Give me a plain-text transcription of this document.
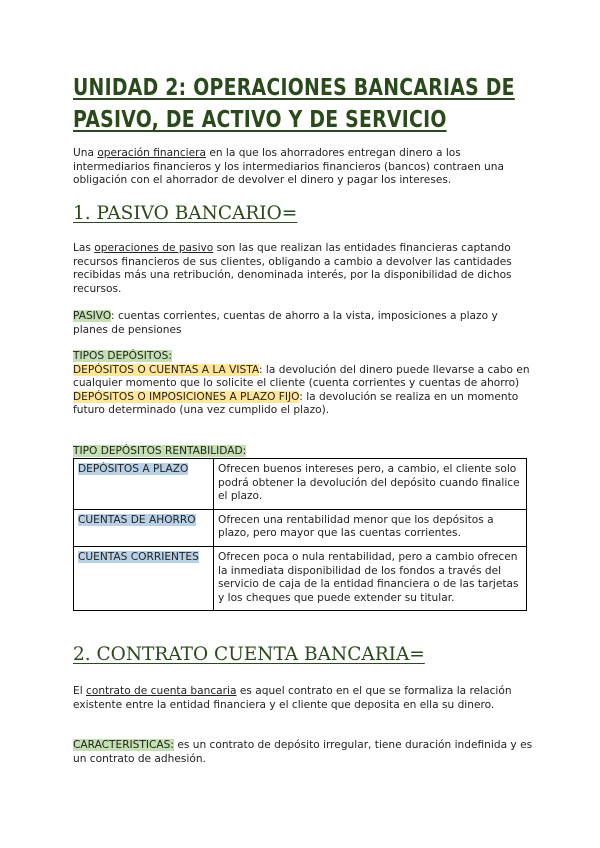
UNIDAD 2: OPERACIONES BANCARIAS DE
PASIVO, DE ACTIVO Y DE SERVICIO

Una operación financiera en la que los ahorradores entregan dinero a los intermediarios financieros y los intermediarios financieros (bancos) contraen una obligación con el ahorrador de devolver el dinero y pagar los intereses.

1. PASIVO BANCARIO=

Las operaciones de pasivo son las que realizan las entidades financieras captando recursos financieros de sus clientes, obligando a cambio a devolver las cantidades recibidas más una retribución, denominada interés, por la disponibilidad de dichos recursos.

PASIVO: cuentas corrientes, cuentas de ahorro a la vista, imposiciones a plazo y planes de pensiones

TIPOS DEPÓSITOS:
DEPÓSITOS O CUENTAS A LA VISTA: la devolución del dinero puede llevarse a cabo en cualquier momento que lo solicite el cliente (cuenta corrientes y cuentas de ahorro)
DEPÓSITOS O IMPOSICIONES A PLAZO FIJO: la devolución se realiza en un momento futuro determinado (una vez cumplido el plazo).

TIPO DEPÓSITOS RENTABILIDAD:

DEPÓSITOS A PLAZO	Ofrecen buenos intereses pero, a cambio, el cliente solo podrá obtener la devolución del depósito cuando finalice el plazo.
CUENTAS DE AHORRO	Ofrecen una rentabilidad menor que los depósitos a plazo, pero mayor que las cuentas corrientes.
CUENTAS CORRIENTES	Ofrecen poca o nula rentabilidad, pero a cambio ofrecen la inmediata disponibilidad de los fondos a través del servicio de caja de la entidad financiera o de las tarjetas y los cheques que puede extender su titular.
2. CONTRATO CUENTA BANCARIA=

El contrato de cuenta bancaria es aquel contrato en el que se formaliza la relación existente entre la entidad financiera y el cliente que deposita en ella su dinero.

CARACTERISTICAS: es un contrato de depósito irregular, tiene duración indefinida y es un contrato de adhesión.
